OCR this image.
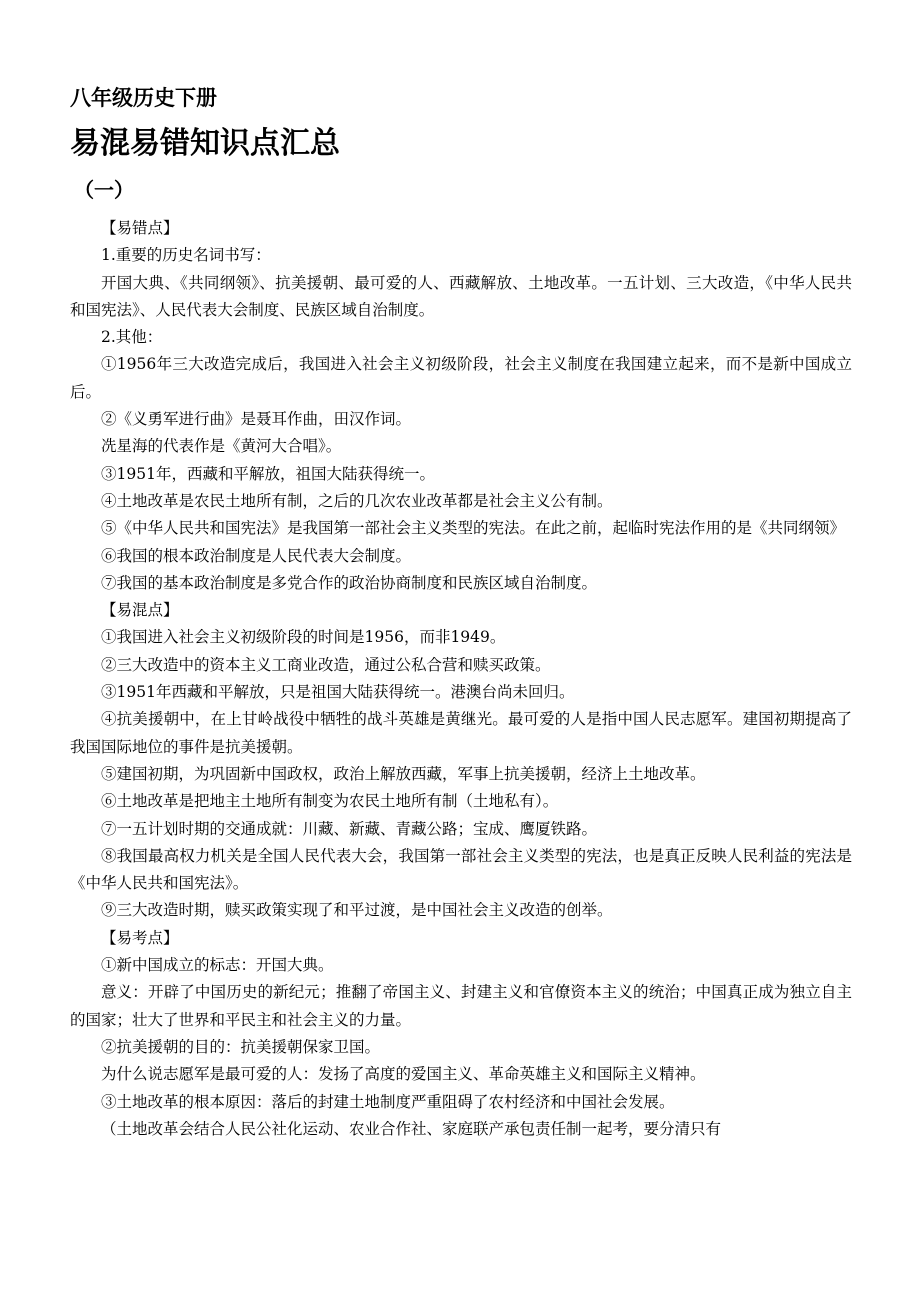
八年级历史下册
易混易错知识点汇总
（一）

【易错点】

1.重要的历史名词书写：

开国大典、《共同纲领》、抗美援朝、最可爱的人、西藏解放、土地改革。一五计划、三大改造，《中华人民共和国宪法》、人民代表大会制度、民族区域自治制度。

2.其他：

①1956年三大改造完成后，我国进入社会主义初级阶段，社会主义制度在我国建立起来，而不是新中国成立后。

②《义勇军进行曲》是聂耳作曲，田汉作词。

冼星海的代表作是《黄河大合唱》。

③1951年，西藏和平解放，祖国大陆获得统一。

④土地改革是农民土地所有制，之后的几次农业改革都是社会主义公有制。

⑤《中华人民共和国宪法》是我国第一部社会主义类型的宪法。在此之前，起临时宪法作用的是《共同纲领》

⑥我国的根本政治制度是人民代表大会制度。

⑦我国的基本政治制度是多党合作的政治协商制度和民族区域自治制度。

【易混点】

①我国进入社会主义初级阶段的时间是1956，而非1949。

②三大改造中的资本主义工商业改造，通过公私合营和赎买政策。

③1951年西藏和平解放，只是祖国大陆获得统一。港澳台尚未回归。

④抗美援朝中，在上甘岭战役中牺牲的战斗英雄是黄继光。最可爱的人是指中国人民志愿军。建国初期提高了我国国际地位的事件是抗美援朝。

⑤建国初期，为巩固新中国政权，政治上解放西藏，军事上抗美援朝，经济上土地改革。

⑥土地改革是把地主土地所有制变为农民土地所有制（土地私有）。

⑦一五计划时期的交通成就：川藏、新藏、青藏公路；宝成、鹰厦铁路。

⑧我国最高权力机关是全国人民代表大会，我国第一部社会主义类型的宪法，也是真正反映人民利益的宪法是《中华人民共和国宪法》。

⑨三大改造时期，赎买政策实现了和平过渡，是中国社会主义改造的创举。

【易考点】

①新中国成立的标志：开国大典。

意义：开辟了中国历史的新纪元；推翻了帝国主义、封建主义和官僚资本主义的统治；中国真正成为独立自主的国家；壮大了世界和平民主和社会主义的力量。

②抗美援朝的目的：抗美援朝保家卫国。

为什么说志愿军是最可爱的人：发扬了高度的爱国主义、革命英雄主义和国际主义精神。

③土地改革的根本原因：落后的封建土地制度严重阻碍了农村经济和中国社会发展。

（土地改革会结合人民公社化运动、农业合作社、家庭联产承包责任制一起考，要分清只有
